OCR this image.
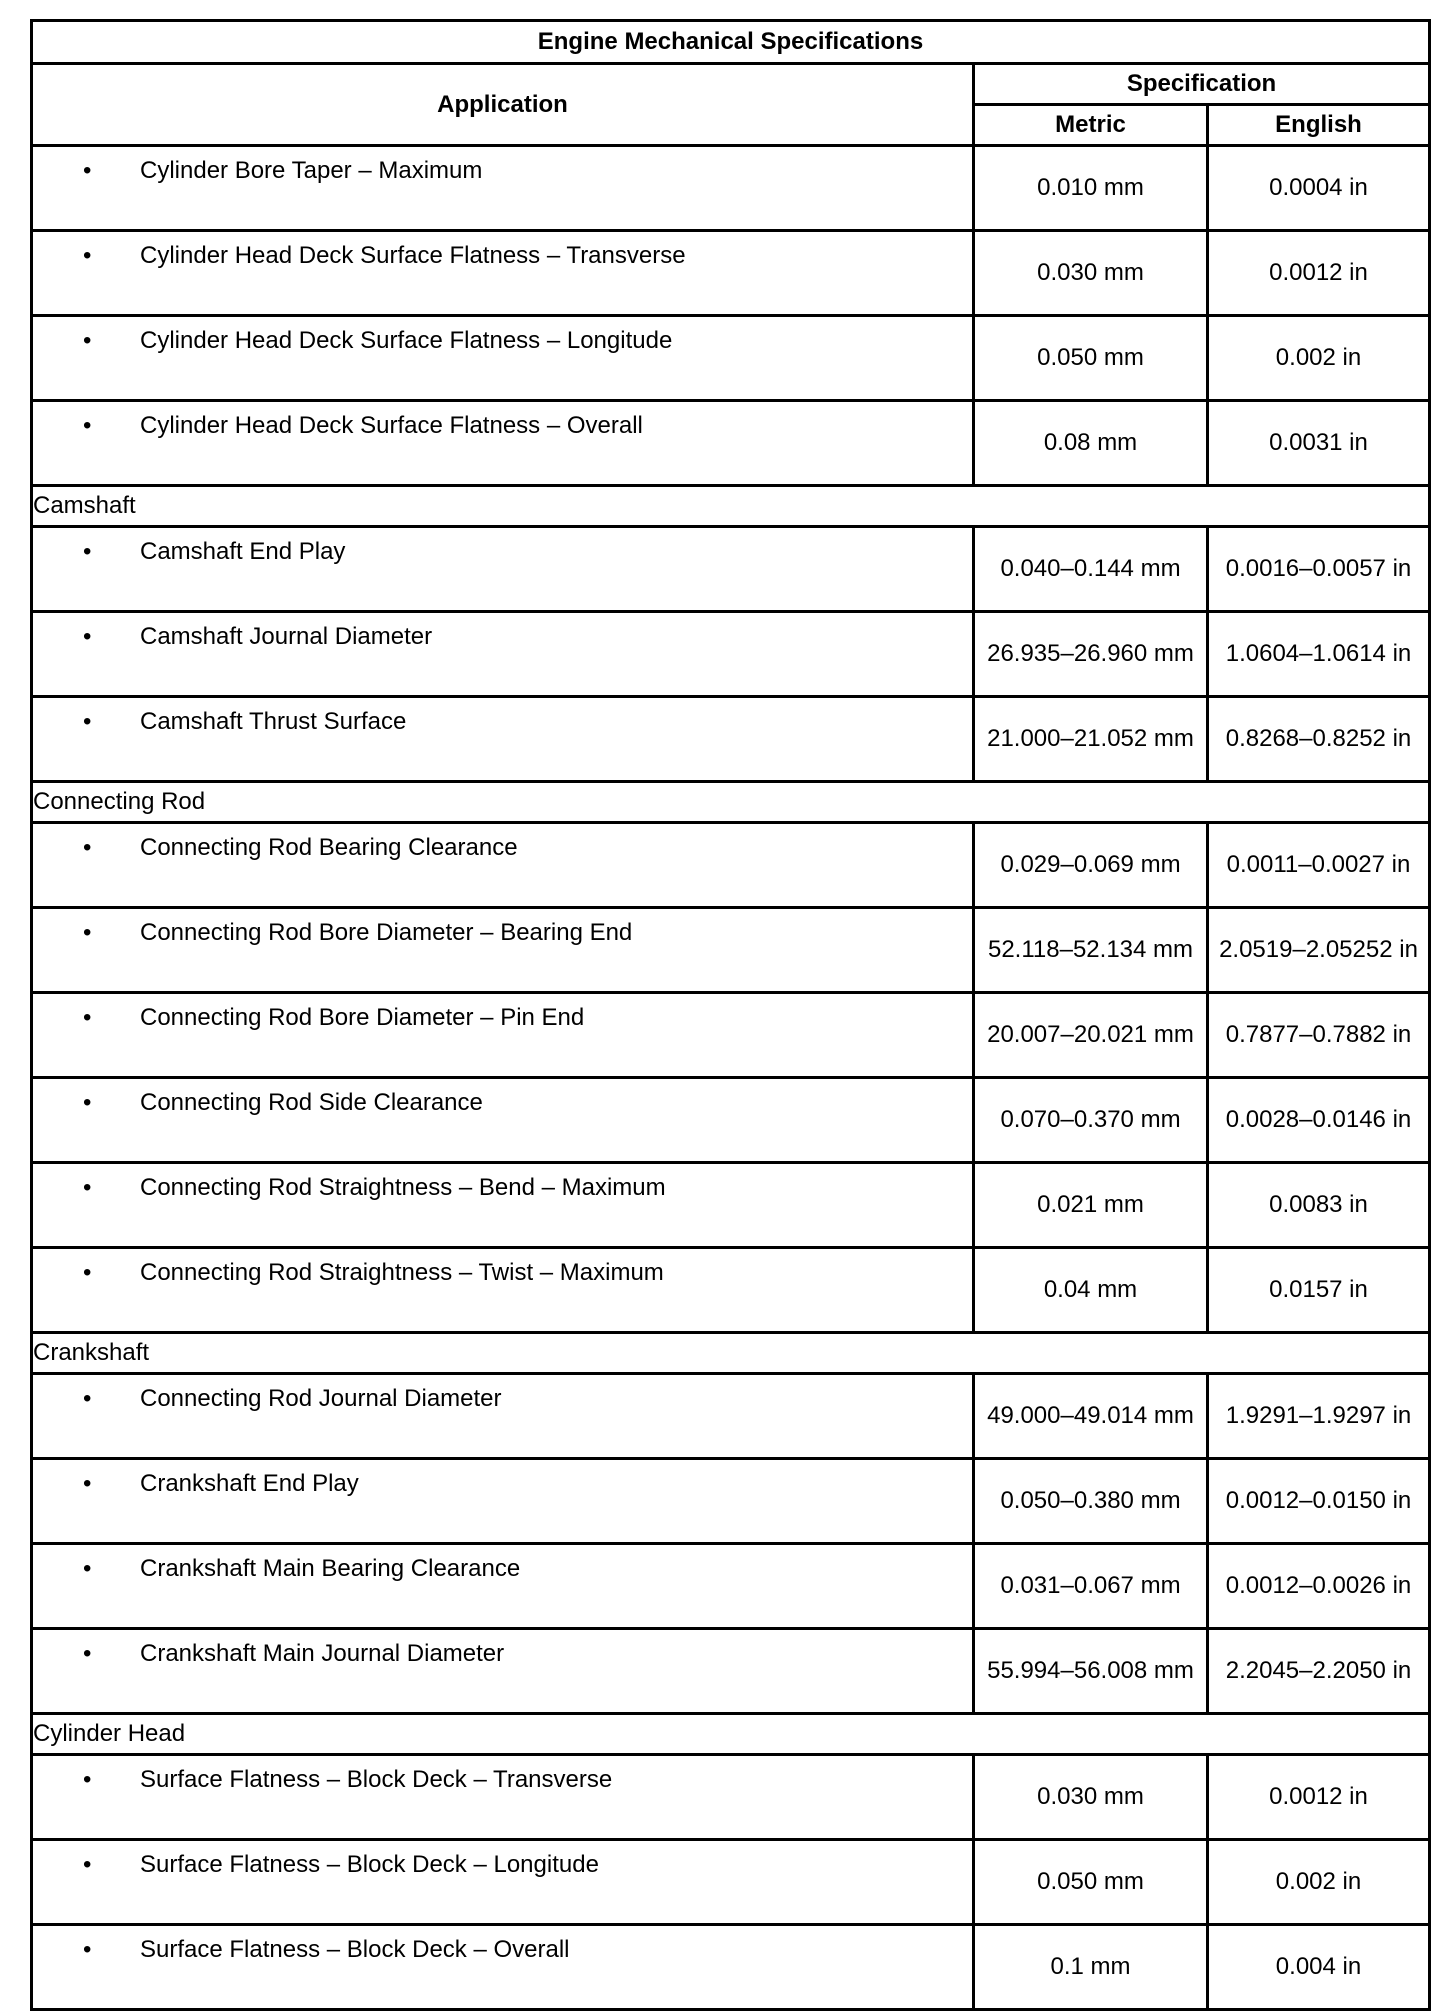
Engine Mechanical Specifications		
Application	Specification	
	Metric	English

• Cylinder Bore Taper – Maximum	0.010 mm	0.0004 in

• Cylinder Head Deck Surface Flatness – Transverse	0.030 mm	0.0012 in

• Cylinder Head Deck Surface Flatness – Longitude	0.050 mm	0.002 in

• Cylinder Head Deck Surface Flatness – Overall	0.08 mm	0.0031 in
Camshaft		

• Camshaft End Play	0.040–0.144 mm	0.0016–0.0057 in

• Camshaft Journal Diameter	26.935–26.960 mm	1.0604–1.0614 in

• Camshaft Thrust Surface	21.000–21.052 mm	0.8268–0.8252 in
Connecting Rod		

• Connecting Rod Bearing Clearance	0.029–0.069 mm	0.0011–0.0027 in

• Connecting Rod Bore Diameter – Bearing End	52.118–52.134 mm	2.0519–2.05252 in

• Connecting Rod Bore Diameter – Pin End	20.007–20.021 mm	0.7877–0.7882 in

• Connecting Rod Side Clearance	0.070–0.370 mm	0.0028–0.0146 in

• Connecting Rod Straightness – Bend – Maximum	0.021 mm	0.0083 in

• Connecting Rod Straightness – Twist – Maximum	0.04 mm	0.0157 in
Crankshaft		

• Connecting Rod Journal Diameter	49.000–49.014 mm	1.9291–1.9297 in

• Crankshaft End Play	0.050–0.380 mm	0.0012–0.0150 in

• Crankshaft Main Bearing Clearance	0.031–0.067 mm	0.0012–0.0026 in

• Crankshaft Main Journal Diameter	55.994–56.008 mm	2.2045–2.2050 in
Cylinder Head		

• Surface Flatness – Block Deck – Transverse	0.030 mm	0.0012 in

• Surface Flatness – Block Deck – Longitude	0.050 mm	0.002 in

• Surface Flatness – Block Deck – Overall	0.1 mm	0.004 in
